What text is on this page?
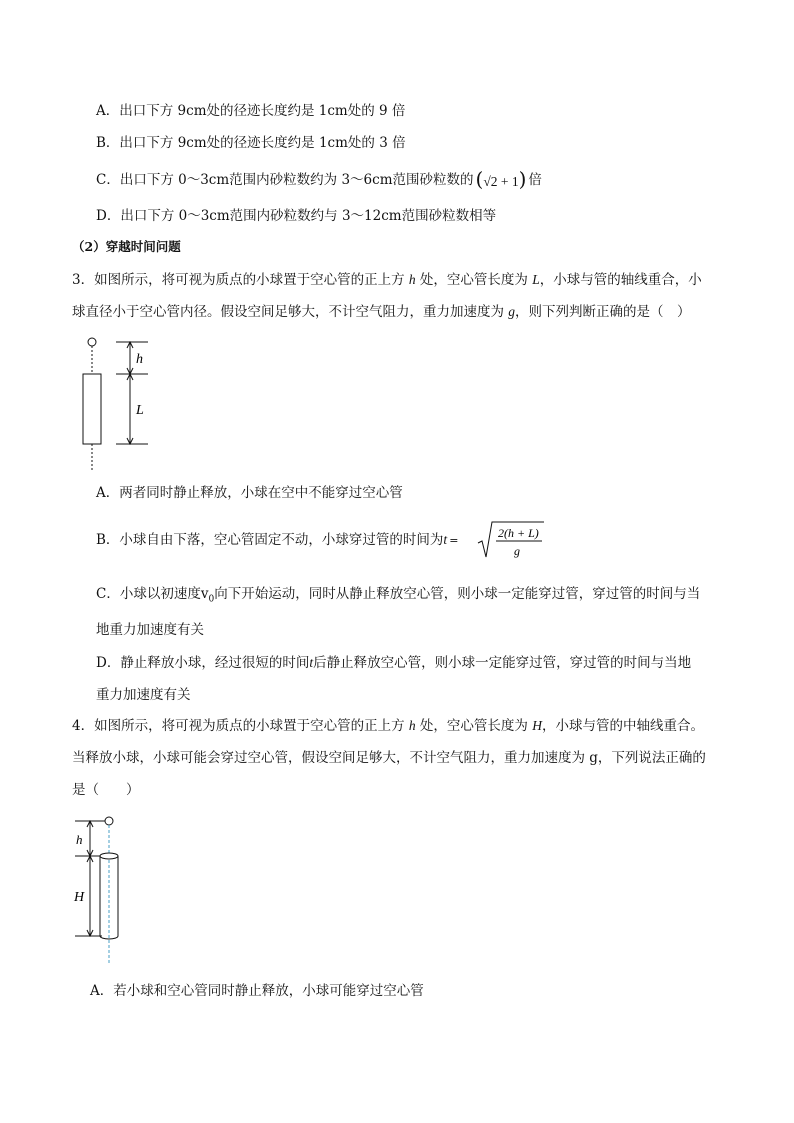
A．出口下方 9cm处的径迹长度约是 1cm处的 9 倍
B．出口下方 9cm处的径迹长度约是 1cm处的 3 倍
C．出口下方 0～3cm范围内砂粒数约为 3～6cm范围砂粒数的 (√2 + 1) 倍
D．出口下方 0～3cm范围内砂粒数约与 3～12cm范围砂粒数相等
（2）穿越时间问题
3．如图所示，将可视为质点的小球置于空心管的正上方 h 处，空心管长度为 L，小球与管的轴线重合，小
球直径小于空心管内径。假设空间足够大，不计空气阻力，重力加速度为 g，则下列判断正确的是（　）
h
L
A．两者同时静止释放，小球在空中不能穿过空心管
B．小球自由下落，空心管固定不动，小球穿过管的时间为t =
2(h + L)
g
C．小球以初速度$v_0$向下开始运动，同时从静止释放空心管，则小球一定能穿过管，穿过管的时间与当
地重力加速度有关
D．静止释放小球，经过很短的时间t后静止释放空心管，则小球一定能穿过管，穿过管的时间与当地
重力加速度有关
4．如图所示，将可视为质点的小球置于空心管的正上方 h 处，空心管长度为 H，小球与管的中轴线重合。
当释放小球，小球可能会穿过空心管，假设空间足够大，不计空气阻力，重力加速度为 g，下列说法正确的
是（　　）
h
H
A．若小球和空心管同时静止释放，小球可能穿过空心管
